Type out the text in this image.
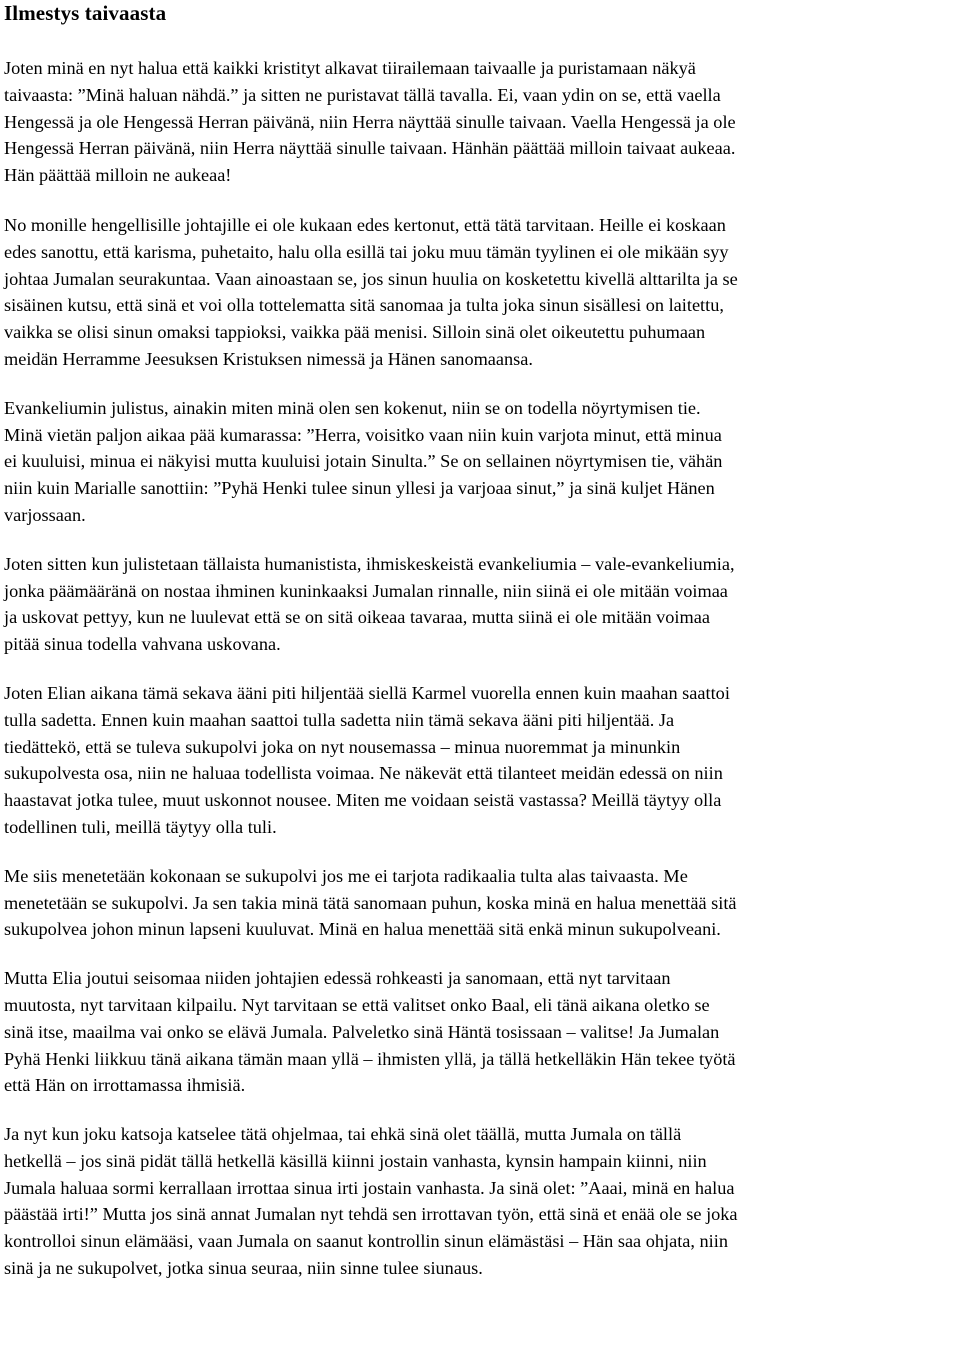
Ilmestys taivaasta

Joten minä en nyt halua että kaikki kristityt alkavat tiirailemaan taivaalle ja puristamaan näkyä
taivaasta: ”Minä haluan nähdä.” ja sitten ne puristavat tällä tavalla. Ei, vaan ydin on se, että vaella
Hengessä ja ole Hengessä Herran päivänä, niin Herra näyttää sinulle taivaan. Vaella Hengessä ja ole
Hengessä Herran päivänä, niin Herra näyttää sinulle taivaan. Hänhän päättää milloin taivaat aukeaa.
Hän päättää milloin ne aukeaa!

No monille hengellisille johtajille ei ole kukaan edes kertonut, että tätä tarvitaan. Heille ei koskaan
edes sanottu, että karisma, puhetaito, halu olla esillä tai joku muu tämän tyylinen ei ole mikään syy
johtaa Jumalan seurakuntaa. Vaan ainoastaan se, jos sinun huulia on kosketettu kivellä alttarilta ja se
sisäinen kutsu, että sinä et voi olla tottelematta sitä sanomaa ja tulta joka sinun sisällesi on laitettu,
vaikka se olisi sinun omaksi tappioksi, vaikka pää menisi. Silloin sinä olet oikeutettu puhumaan
meidän Herramme Jeesuksen Kristuksen nimessä ja Hänen sanomaansa.

Evankeliumin julistus, ainakin miten minä olen sen kokenut, niin se on todella nöyrtymisen tie.
Minä vietän paljon aikaa pää kumarassa: ”Herra, voisitko vaan niin kuin varjota minut, että minua
ei kuuluisi, minua ei näkyisi mutta kuuluisi jotain Sinulta.” Se on sellainen nöyrtymisen tie, vähän
niin kuin Marialle sanottiin: ”Pyhä Henki tulee sinun yllesi ja varjoaa sinut,” ja sinä kuljet Hänen
varjossaan.

Joten sitten kun julistetaan tällaista humanistista, ihmiskeskeistä evankeliumia – vale-evankeliumia,
jonka päämääränä on nostaa ihminen kuninkaaksi Jumalan rinnalle, niin siinä ei ole mitään voimaa
ja uskovat pettyy, kun ne luulevat että se on sitä oikeaa tavaraa, mutta siinä ei ole mitään voimaa
pitää sinua todella vahvana uskovana.

Joten Elian aikana tämä sekava ääni piti hiljentää siellä Karmel vuorella ennen kuin maahan saattoi
tulla sadetta. Ennen kuin maahan saattoi tulla sadetta niin tämä sekava ääni piti hiljentää. Ja
tiedättekö, että se tuleva sukupolvi joka on nyt nousemassa – minua nuoremmat ja minunkin
sukupolvesta osa, niin ne haluaa todellista voimaa. Ne näkevät että tilanteet meidän edessä on niin
haastavat jotka tulee, muut uskonnot nousee. Miten me voidaan seistä vastassa? Meillä täytyy olla
todellinen tuli, meillä täytyy olla tuli.

Me siis menetetään kokonaan se sukupolvi jos me ei tarjota radikaalia tulta alas taivaasta. Me
menetetään se sukupolvi. Ja sen takia minä tätä sanomaan puhun, koska minä en halua menettää sitä
sukupolvea johon minun lapseni kuuluvat. Minä en halua menettää sitä enkä minun sukupolveani.

Mutta Elia joutui seisomaa niiden johtajien edessä rohkeasti ja sanomaan, että nyt tarvitaan
muutosta, nyt tarvitaan kilpailu. Nyt tarvitaan se että valitset onko Baal, eli tänä aikana oletko se
sinä itse, maailma vai onko se elävä Jumala. Palveletko sinä Häntä tosissaan – valitse! Ja Jumalan
Pyhä Henki liikkuu tänä aikana tämän maan yllä – ihmisten yllä, ja tällä hetkelläkin Hän tekee työtä
että Hän on irrottamassa ihmisiä.

Ja nyt kun joku katsoja katselee tätä ohjelmaa, tai ehkä sinä olet täällä, mutta Jumala on tällä
hetkellä – jos sinä pidät tällä hetkellä käsillä kiinni jostain vanhasta, kynsin hampain kiinni, niin
Jumala haluaa sormi kerrallaan irrottaa sinua irti jostain vanhasta. Ja sinä olet: ”Aaai, minä en halua
päästää irti!” Mutta jos sinä annat Jumalan nyt tehdä sen irrottavan työn, että sinä et enää ole se joka
kontrolloi sinun elämääsi, vaan Jumala on saanut kontrollin sinun elämästäsi – Hän saa ohjata, niin
sinä ja ne sukupolvet, jotka sinua seuraa, niin sinne tulee siunaus.
